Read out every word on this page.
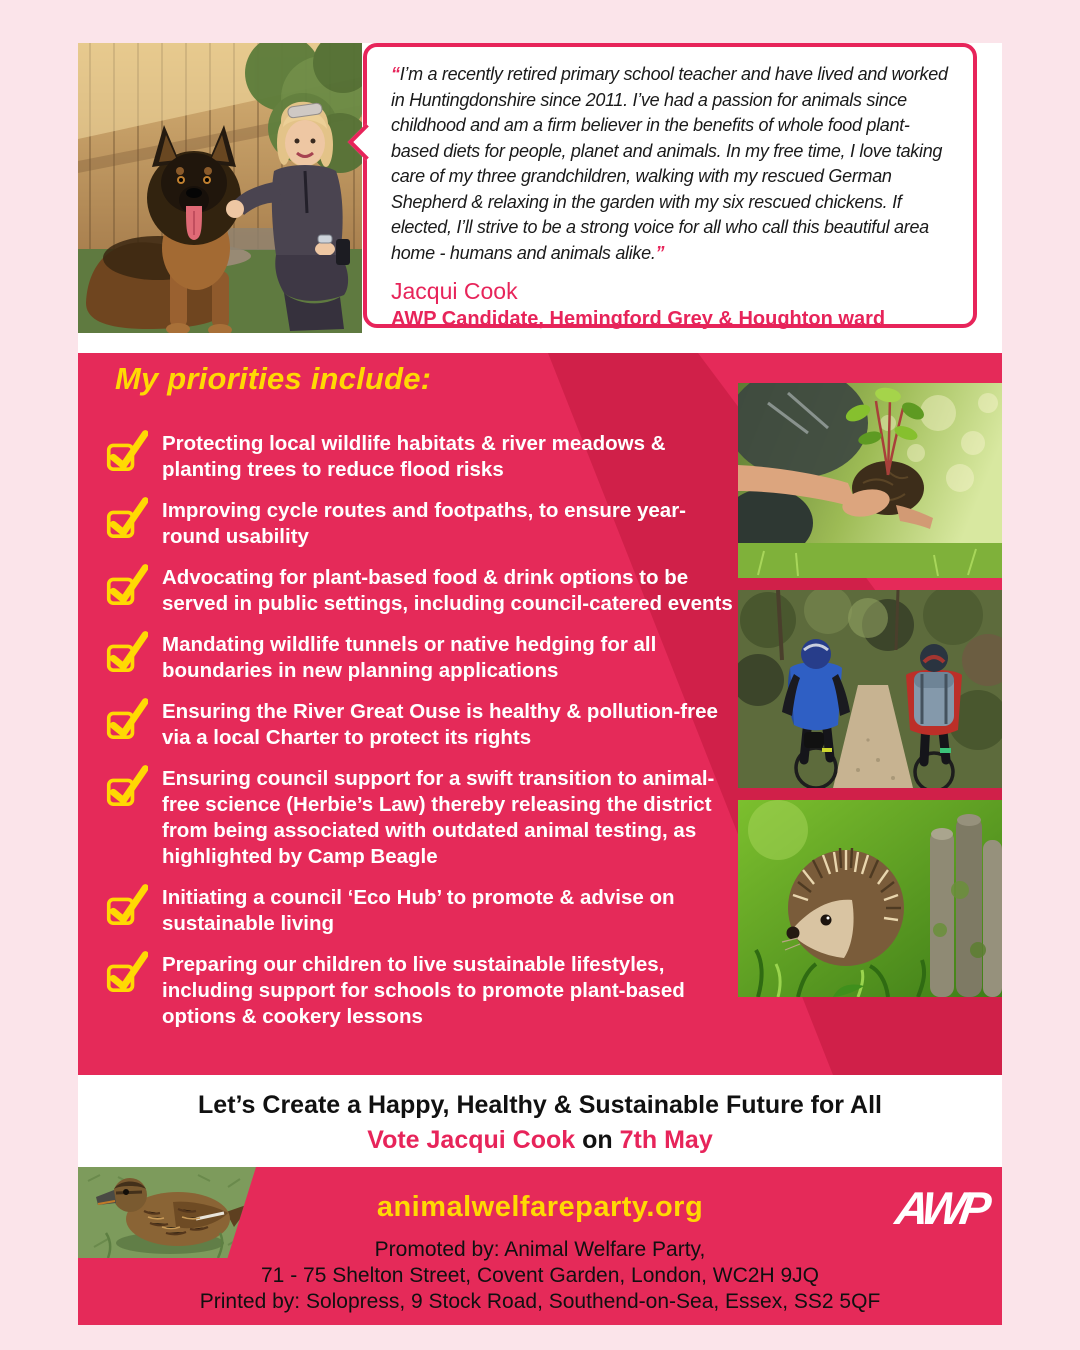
“I’m a recently retired primary school teacher and have lived and worked in Huntingdonshire since 2011. I’ve had a passion for animals since childhood and am a firm believer in the benefits of whole food plant-based diets for people, planet and animals. In my free time, I love taking care of my three grandchildren, walking with my rescued German Shepherd & relaxing in the garden with my six rescued chickens. If elected, I’ll strive to be a strong voice for all who call this beautiful area home - humans and animals alike.”

Jacqui Cook
AWP Candidate, Hemingford Grey & Houghton ward
My priorities include:
Protecting local wildlife habitats & river meadows & planting trees to reduce flood risks
Improving cycle routes and footpaths, to ensure year-round usability
Advocating for plant-based food & drink options to be served in public settings, including council-catered events
Mandating wildlife tunnels or native hedging for all boundaries in new planning applications
Ensuring the River Great Ouse is healthy & pollution-free via a local Charter to protect its rights
Ensuring council support for a swift transition to animal-free science (Herbie’s Law) thereby releasing the district from being associated with outdated animal testing, as highlighted by Camp Beagle
Initiating a council ‘Eco Hub’ to promote & advise on sustainable living
Preparing our children to live sustainable lifestyles, including support for schools to promote plant-based options & cookery lessons
Let’s Create a Happy, Healthy & Sustainable Future for All
Vote Jacqui Cook on 7th May
animalwelfareparty.org	AWP
Promoted by: Animal Welfare Party,
71 - 75 Shelton Street, Covent Garden, London, WC2H 9JQ
Printed by: Solopress, 9 Stock Road, Southend-on-Sea, Essex, SS2 5QF
